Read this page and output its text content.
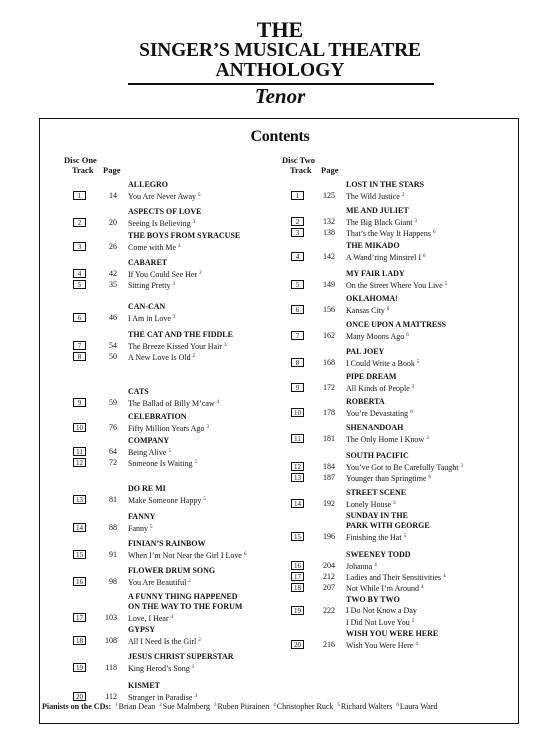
THE
SINGER’S MUSICAL THEATRE
ANTHOLOGY
Tenor
Contents
Disc One
Track	Page
Disc Two
Track	Page
ALLEGRO
1	14 You Are Never Away $^5$
ASPECTS OF LOVE
2	20 Seeing Is Believing $^3$
THE BOYS FROM SYRACUSE
3	26 Come with Me $^3$
CABARET
4	42 If You Could See Her $^2$
5	35 Sitting Pretty $^3$
CAN-CAN
6	46 I Am in Love $^3$
THE CAT AND THE FIDDLE
7	54 The Breeze Kissed Your Hair $^3$
8	50 A New Love Is Old $^2$
CATS
9	59 The Ballad of Billy M’caw $^4$
CELEBRATION
10	76 Fifty Million Years Ago $^3$
COMPANY
11	64 Being Alive $^5$
12	72 Someone Is Waiting $^5$
DO RE MI
13	81 Make Someone Happy $^5$
FANNY
14	88 Fanny $^5$
FINIAN’S RAINBOW
15	91 When I’m Not Near the Girl I Love $^6$
FLOWER DRUM SONG
16	98 You Are Beautiful $^2$
A FUNNY THING HAPPENED
ON THE WAY TO THE FORUM
17	103 Love, I Hear $^4$
GYPSY
18	108 All I Need Is the Girl $^2$
JESUS CHRIST SUPERSTAR
19	118 King Herod’s Song $^1$
KISMET
20	112 Stranger in Paradise $^3$
LOST IN THE STARS
1	125 The Wild Justice $^2$
ME AND JULIET
2	132 The Big Black Giant $^3$
3	138 That’s the Way It Happens $^6$
THE MIKADO
4	142 A Wand’ring Minstrel I $^6$
MY FAIR LADY
5	149 On the Street Where You Live $^5$
OKLAHOMA!
6	156 Kansas City $^6$
ONCE UPON A MATTRESS
7	162 Many Moons Ago $^6$
PAL JOEY
8	168 I Could Write a Book $^5$
PIPE DREAM
9	172 All Kinds of People $^3$
ROBERTA
10	178 You’re Devastating $^6$
SHENANDOAH
11	181 The Only Home I Know $^3$
SOUTH PACIFIC
12	184 You’ve Got to Be Carefully Taught $^3$
13	187 Younger than Springtime $^6$
STREET SCENE
14	192 Lonely House $^3$
SUNDAY IN THE
PARK WITH GEORGE
15	196 Finishing the Hat $^5$
SWEENEY TODD
16	204 Johanna $^4$
17	212 Ladies and Their Sensitivities $^4$
18	207 Not While I’m Around $^4$
TWO BY TWO
19	222 I Do Not Know a Day
I Did Not Love You $^5$
WISH YOU WERE HERE
20	216 Wish You Were Here $^4$
Pianists on the CDs: $^1$Brian Dean $^2$Sue Malmberg $^3$Ruben Piirainen $^4$Christopher Ruck $^5$Richard Walters $^6$Laura Ward
